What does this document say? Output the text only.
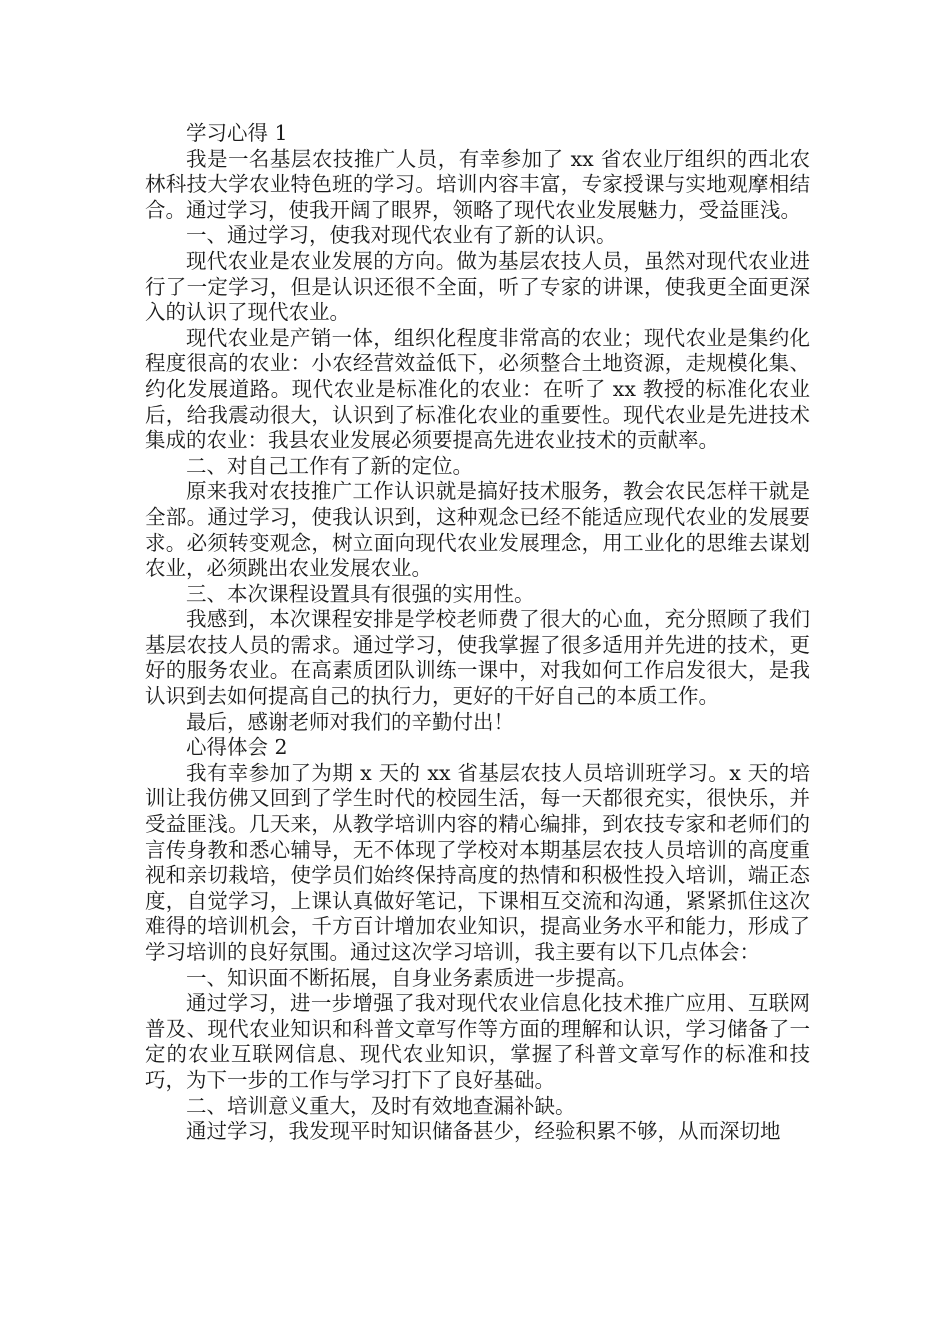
学习心得 1

我是一名基层农技推广人员，有幸参加了 xx 省农业厅组织的西北农林科技大学农业特色班的学习。培训内容丰富，专家授课与实地观摩相结合。通过学习，使我开阔了眼界，领略了现代农业发展魅力，受益匪浅。

一、通过学习，使我对现代农业有了新的认识。

现代农业是农业发展的方向。做为基层农技人员，虽然对现代农业进行了一定学习，但是认识还很不全面，听了专家的讲课，使我更全面更深入的认识了现代农业。

现代农业是产销一体，组织化程度非常高的农业；现代农业是集约化程度很高的农业：小农经营效益低下，必须整合土地资源，走规模化集、约化发展道路。现代农业是标准化的农业：在听了 xx 教授的标准化农业后，给我震动很大，认识到了标准化农业的重要性。现代农业是先进技术集成的农业：我县农业发展必须要提高先进农业技术的贡献率。

二、对自己工作有了新的定位。

原来我对农技推广工作认识就是搞好技术服务，教会农民怎样干就是全部。通过学习，使我认识到，这种观念已经不能适应现代农业的发展要求。必须转变观念，树立面向现代农业发展理念，用工业化的思维去谋划农业，必须跳出农业发展农业。

三、本次课程设置具有很强的实用性。

我感到，本次课程安排是学校老师费了很大的心血，充分照顾了我们基层农技人员的需求。通过学习，使我掌握了很多适用并先进的技术，更好的服务农业。在高素质团队训练一课中，对我如何工作启发很大，是我认识到去如何提高自己的执行力，更好的干好自己的本质工作。

最后，感谢老师对我们的辛勤付出！

心得体会 2

我有幸参加了为期 x 天的 xx 省基层农技人员培训班学习。x 天的培训让我仿佛又回到了学生时代的校园生活，每一天都很充实，很快乐，并受益匪浅。几天来，从教学培训内容的精心编排，到农技专家和老师们的言传身教和悉心辅导，无不体现了学校对本期基层农技人员培训的高度重视和亲切栽培，使学员们始终保持高度的热情和积极性投入培训，端正态度，自觉学习，上课认真做好笔记，下课相互交流和沟通，紧紧抓住这次难得的培训机会，千方百计增加农业知识，提高业务水平和能力，形成了学习培训的良好氛围。通过这次学习培训，我主要有以下几点体会：

一、知识面不断拓展，自身业务素质进一步提高。

通过学习，进一步增强了我对现代农业信息化技术推广应用、互联网普及、现代农业知识和科普文章写作等方面的理解和认识，学习储备了一定的农业互联网信息、现代农业知识，掌握了科普文章写作的标准和技巧，为下一步的工作与学习打下了良好基础。

二、培训意义重大，及时有效地查漏补缺。

通过学习，我发现平时知识储备甚少，经验积累不够，从而深切地
